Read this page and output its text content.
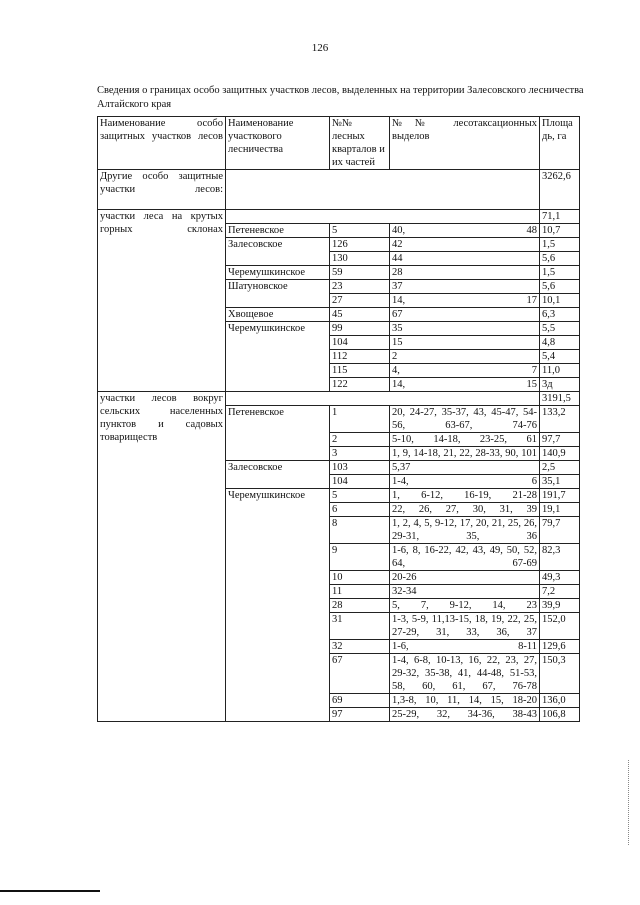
126
Сведения о границах особо защитных участков лесов, выделенных на территории Залесовского лесничества Алтайского края
Наименование особо защитных участков лесов	Наименование участкового лесничества	№№ лесных кварталов и их частей	№№ лесотаксационных выделов	Площадь, га
Другие особо защитные участки лесов:				3262,6
участки леса на крутых горных склонах				71,1
	Петеневское	5	40, 48	10,7
	Залесовское	126	42	1,5
		130	44	5,6
	Черемушкинское	59	28	1,5
	Шатуновское	23	37	5,6
		27	14, 17	10,1
	Хвощевое	45	67	6,3
	Черемушкинское	99	35	5,5
		104	15	4,8
		112	2	5,4
		115	4, 7	11,0
		122	14, 15	3д
участки лесов вокруг сельских населенных пунктов и садовых товариществ				3191,5
	Петеневское	1	20, 24-27, 35-37, 43, 45-47, 54-56, 63-67, 74-76	133,2
		2	5-10, 14-18, 23-25, 61	97,7
		3	1, 9, 14-18, 21, 22, 28-33, 90, 101	140,9
	Залесовское	103	5,37	2,5
		104	1-4, 6	35,1
	Черемушкинское	5	1, 6-12, 16-19, 21-28	191,7
		6	22, 26, 27, 30, 31, 39	19,1
		8	1, 2, 4, 5, 9-12, 17, 20, 21, 25, 26, 29-31, 35, 36	79,7
		9	1-6, 8, 16-22, 42, 43, 49, 50, 52, 64, 67-69	82,3
		10	20-26	49,3
		11	32-34	7,2
		28	5, 7, 9-12, 14, 23	39,9
		31	1-3, 5-9, 11,13-15, 18, 19, 22, 25, 27-29, 31, 33, 36, 37	152,0
		32	1-6, 8-11	129,6
		67	1-4, 6-8, 10-13, 16, 22, 23, 27, 29-32, 35-38, 41, 44-48, 51-53, 58, 60, 61, 67, 76-78	150,3
		69	1,3-8, 10, 11, 14, 15, 18-20	136,0
		97	25-29, 32, 34-36, 38-43	106,8
